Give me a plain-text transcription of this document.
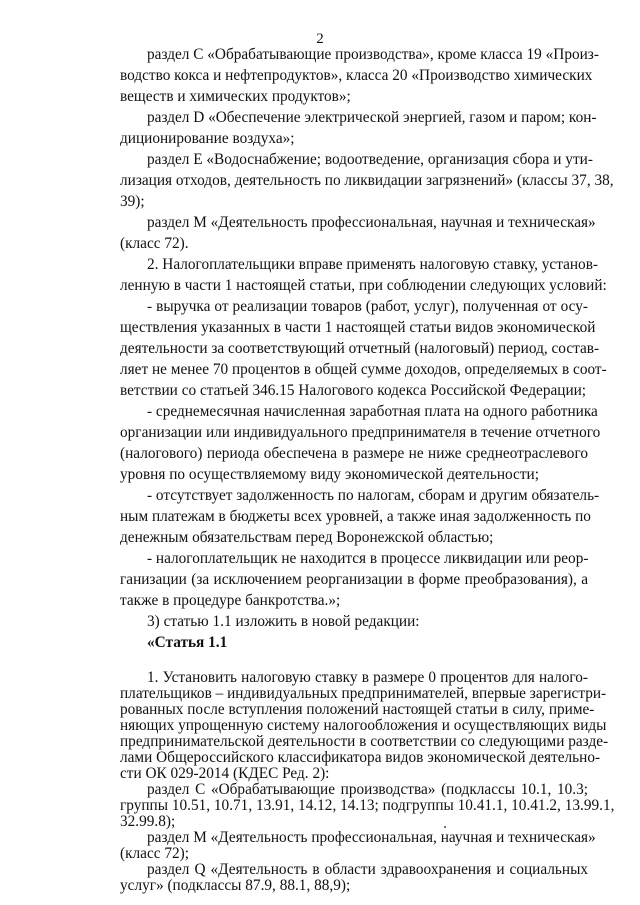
2
раздел С «Обрабатывающие производства», кроме класса 19 «Произ-
водство кокса и нефтепродуктов», класса 20 «Производство химических
веществ и химических продуктов»;
раздел D «Обеспечение электрической энергией, газом и паром; кон-
диционирование воздуха»;
раздел Е «Водоснабжение; водоотведение, организация сбора и ути-
лизация отходов, деятельность по ликвидации загрязнений» (классы 37, 38,
39);
раздел М «Деятельность профессиональная, научная и техническая»
(класс 72).
2. Налогоплательщики вправе применять налоговую ставку, установ-
ленную в части 1 настоящей статьи, при соблюдении следующих условий:
- выручка от реализации товаров (работ, услуг), полученная от осу-
ществления указанных в части 1 настоящей статьи видов экономической
деятельности за соответствующий отчетный (налоговый) период, состав-
ляет не менее 70 процентов в общей сумме доходов, определяемых в соот-
ветствии со статьей 346.15 Налогового кодекса Российской Федерации;
- среднемесячная начисленная заработная плата на одного работника
организации или индивидуального предпринимателя в течение отчетного
(налогового) периода обеспечена в размере не ниже среднеотраслевого
уровня по осуществляемому виду экономической деятельности;
- отсутствует задолженность по налогам, сборам и другим обязатель-
ным платежам в бюджеты всех уровней, а также иная задолженность по
денежным обязательствам перед Воронежской областью;
- налогоплательщик не находится в процессе ликвидации или реор-
ганизации (за исключением реорганизации в форме преобразования), а
также в процедуре банкротства.»;
3) статью 1.1 изложить в новой редакции:
«Статья 1.1
1. Установить налоговую ставку в размере 0 процентов для налого-
плательщиков – индивидуальных предпринимателей, впервые зарегистри-
рованных после вступления положений настоящей статьи в силу, приме-
няющих упрощенную систему налогообложения и осуществляющих виды
предпринимательской деятельности в соответствии со следующими разде-
лами Общероссийского классификатора видов экономической деятельно-
сти ОК 029-2014 (КДЕС Ред. 2):
раздел С «Обрабатывающие производства» (подклассы 10.1, 10.3;
группы 10.51, 10.71, 13.91, 14.12, 14.13; подгруппы 10.41.1, 10.41.2, 13.99.1,
32.99.8);
раздел М «Деятельность профессиональная, научная и техническая»
(класс 72);
раздел Q «Деятельность в области здравоохранения и социальных
услуг» (подклассы 87.9, 88.1, 88,9);
